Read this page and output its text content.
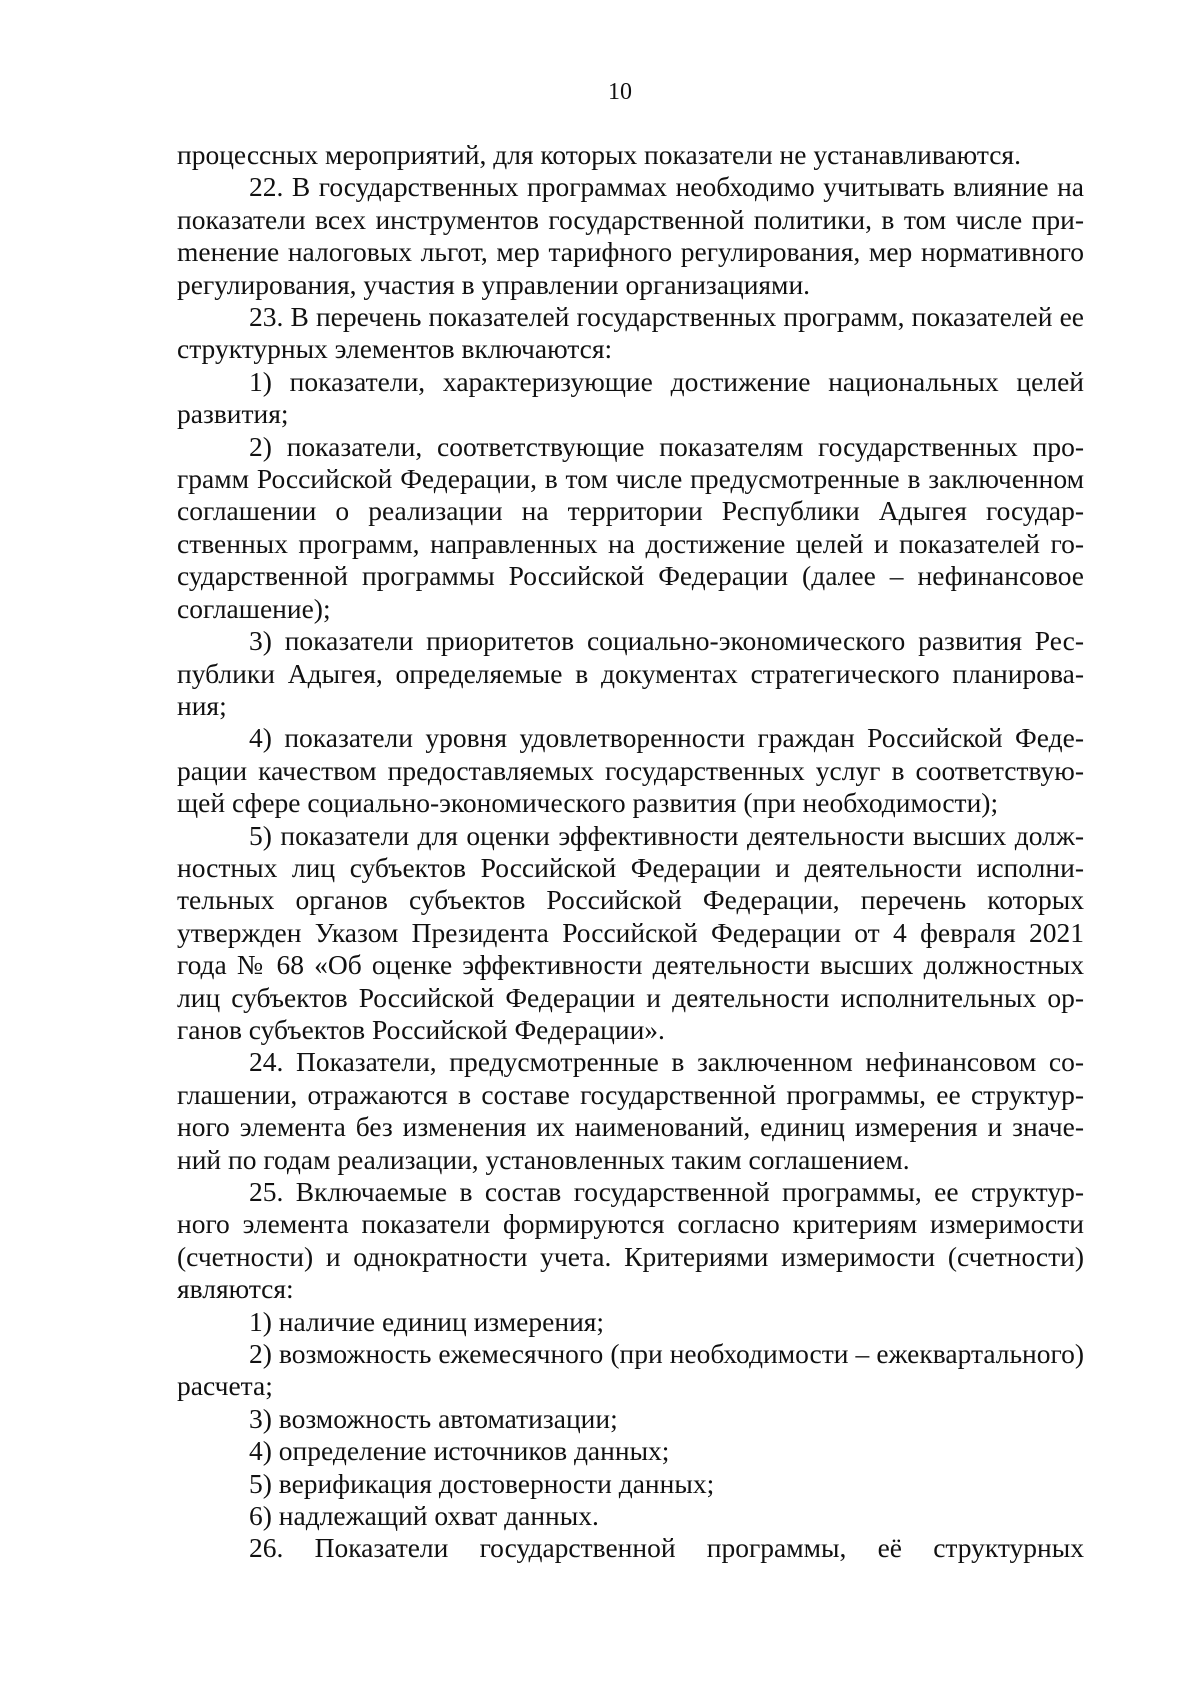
10

процессных мероприятий, для которых показатели не устанавливаются.

22. В государственных программах необходимо учитывать влияние на показатели всех инструментов государственной политики, в том числе приmенение налоговых льгот, мер тарифного регулирования, мер нормативного регулирования, участия в управлении организациями.

23. В перечень показателей государственных программ, показателей ее структурных элементов включаются:

1) показатели, характеризующие достижение национальных целей развития;

2) показатели, соответствующие показателям государственных программ Российской Федерации, в том числе предусмотренные в заключенном соглашении о реализации на территории Республики Адыгея государственных программ, направленных на достижение целей и показателей государственной программы Российской Федерации (далее – нефинансовое соглашение);

3) показатели приоритетов социально-экономического развития Республики Адыгея, определяемые в документах стратегического планирования;

4) показатели уровня удовлетворенности граждан Российской Федерации качеством предоставляемых государственных услуг в соответствующей сфере социально-экономического развития (при необходимости);

5) показатели для оценки эффективности деятельности высших должностных лиц субъектов Российской Федерации и деятельности исполнительных органов субъектов Российской Федерации, перечень которых утвержден Указом Президента Российской Федерации от 4 февраля 2021 года № 68 «Об оценке эффективности деятельности высших должностных лиц субъектов Российской Федерации и деятельности исполнительных органов субъектов Российской Федерации».

24. Показатели, предусмотренные в заключенном нефинансовом соглашении, отражаются в составе государственной программы, ее структурного элемента без изменения их наименований, единиц измерения и значений по годам реализации, установленных таким соглашением.

25. Включаемые в состав государственной программы, ее структурного элемента показатели формируются согласно критериям измеримости (счетности) и однократности учета. Критериями измеримости (счетности) являются:

1) наличие единиц измерения;

2) возможность ежемесячного (при необходимости – ежеквартального) расчета;

3) возможность автоматизации;

4) определение источников данных;

5) верификация достоверности данных;

6) надлежащий охват данных.

26. Показатели государственной программы, её структурных
